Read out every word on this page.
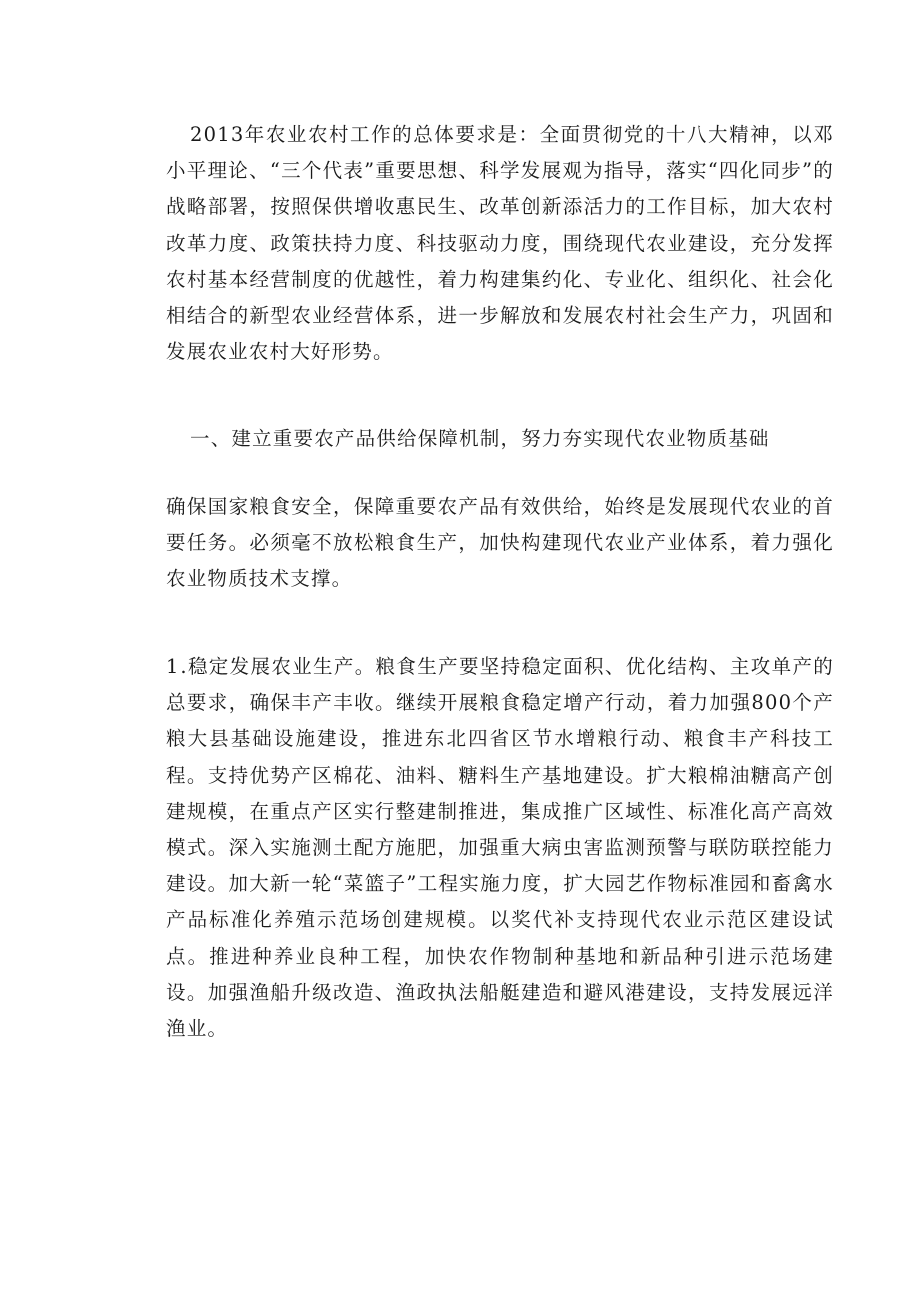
2013年农业农村工作的总体要求是：全面贯彻党的十八大精神，以邓小平理论、“三个代表”重要思想、科学发展观为指导，落实“四化同步”的战略部署，按照保供增收惠民生、改革创新添活力的工作目标，加大农村改革力度、政策扶持力度、科技驱动力度，围绕现代农业建设，充分发挥农村基本经营制度的优越性，着力构建集约化、专业化、组织化、社会化相结合的新型农业经营体系，进一步解放和发展农村社会生产力，巩固和发展农业农村大好形势。

一、建立重要农产品供给保障机制，努力夯实现代农业物质基础

确保国家粮食安全，保障重要农产品有效供给，始终是发展现代农业的首要任务。必须毫不放松粮食生产，加快构建现代农业产业体系，着力强化农业物质技术支撑。

1 .稳定发展农业生产。粮食生产要坚持稳定面积、优化结构、主攻单产的总要求，确保丰产丰收。继续开展粮食稳定增产行动，着力加强800个产粮大县基础设施建设，推进东北四省区节水增粮行动、粮食丰产科技工程。支持优势产区棉花、油料、糖料生产基地建设。扩大粮棉油糖高产创建规模，在重点产区实行整建制推进，集成推广区域性、标准化高产高效模式。深入实施测土配方施肥，加强重大病虫害监测预警与联防联控能力建设。加大新一轮“菜篮子”工程实施力度，扩大园艺作物标准园和畜禽水产品标准化养殖示范场创建规模。以奖代补支持现代农业示范区建设试点。推进种养业良种工程，加快农作物制种基地和新品种引进示范场建设。加强渔船升级改造、渔政执法船艇建造和避风港建设，支持发展远洋渔业。
